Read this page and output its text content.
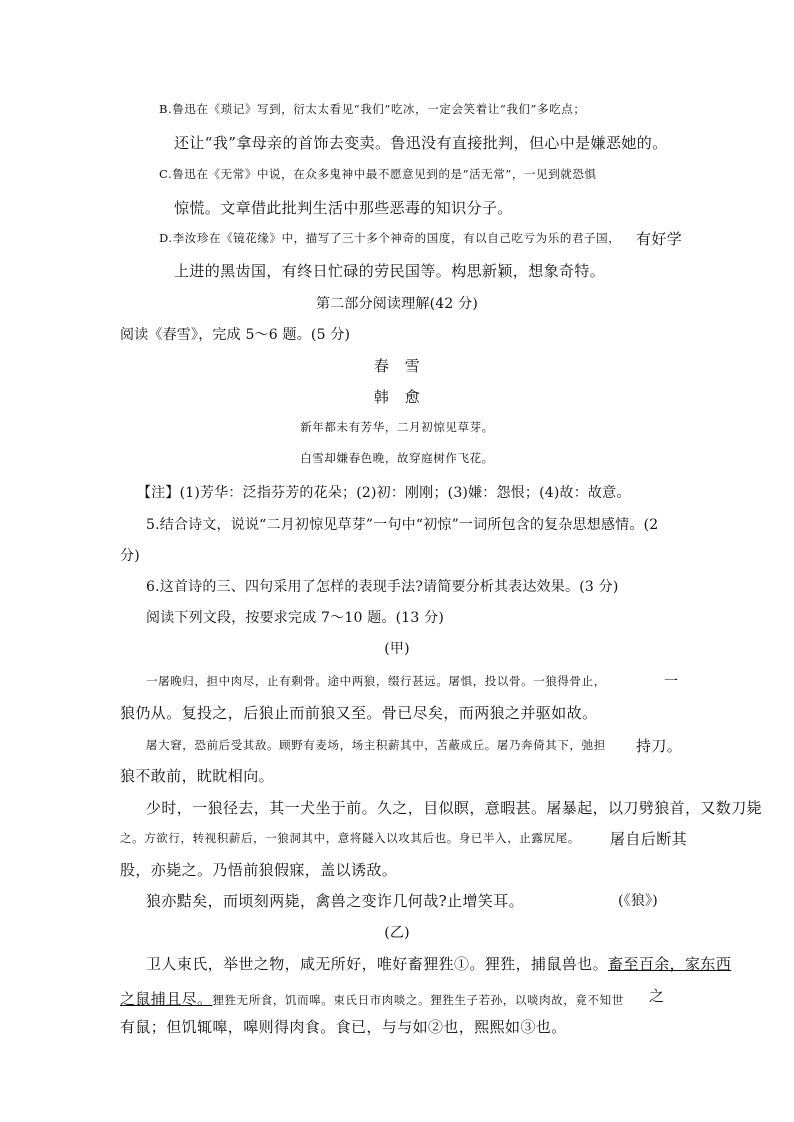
B.鲁迅在《琐记》写到，衍太太看见“我们”吃冰，一定会笑着让“我们”多吃点；
还让“我”拿母亲的首饰去变卖。鲁迅没有直接批判，但心中是嫌恶她的。
C.鲁迅在《无常》中说，在众多鬼神中最不愿意见到的是“活无常”，一见到就恐惧
惊慌。文章借此批判生活中那些恶毒的知识分子。
D.李汝珍在《镜花缘》中，描写了三十多个神奇的国度，有以自己吃亏为乐的君子国， 有好学
上进的黑齿国，有终日忙碌的劳民国等。构思新颖，想象奇特。
第二部分阅读理解(42 分)
阅读《春雪》，完成 5～6 题。(5 分)
春　雪
韩　愈
新年都未有芳华，二月初惊见草芽。
白雪却嫌春色晚，故穿庭树作飞花。
【注】(1)芳华：泛指芬芳的花朵；(2)初：刚刚；(3)嫌：怨恨；(4)故：故意。
5.结合诗文，说说“二月初惊见草芽”一句中“初惊”一词所包含的复杂思想感情。(2
分)
6.这首诗的三、四句采用了怎样的表现手法?请简要分析其表达效果。(3 分)
阅读下列文段，按要求完成 7～10 题。(13 分)
(甲)
一屠晚归，担中肉尽，止有剩骨。途中两狼，缀行甚远。屠惧，投以骨。一狼得骨止，	一
狼仍从。复投之，后狼止而前狼又至。骨已尽矣，而两狼之并驱如故。
屠大窘，恐前后受其敌。顾野有麦场，场主积薪其中，苫蔽成丘。屠乃奔倚其下，弛担 持刀。
狼不敢前，眈眈相向。
少时，一狼径去，其一犬坐于前。久之，目似瞑，意暇甚。屠暴起，以刀劈狼首，又数刀毙
之。方欲行，转视积薪后，一狼洞其中，意将隧入以攻其后也。身已半入，止露尻尾。 屠自后断其
股，亦毙之。乃悟前狼假寐，盖以诱敌。
狼亦黠矣，而顷刻两毙，禽兽之变诈几何哉?止增笑耳。	(《狼》)
(乙)
卫人束氏，举世之物，咸无所好，唯好畜狸狌①。狸狌，捕鼠兽也。畜至百余，家东西
之鼠捕且尽。狸狌无所食，饥而嗥。束氏日市肉啖之。狸狌生子若孙，以啖肉故，竟不知世 之
有鼠；但饥辄嗥，嗥则得肉食。食已，与与如②也，熙熙如③也。
